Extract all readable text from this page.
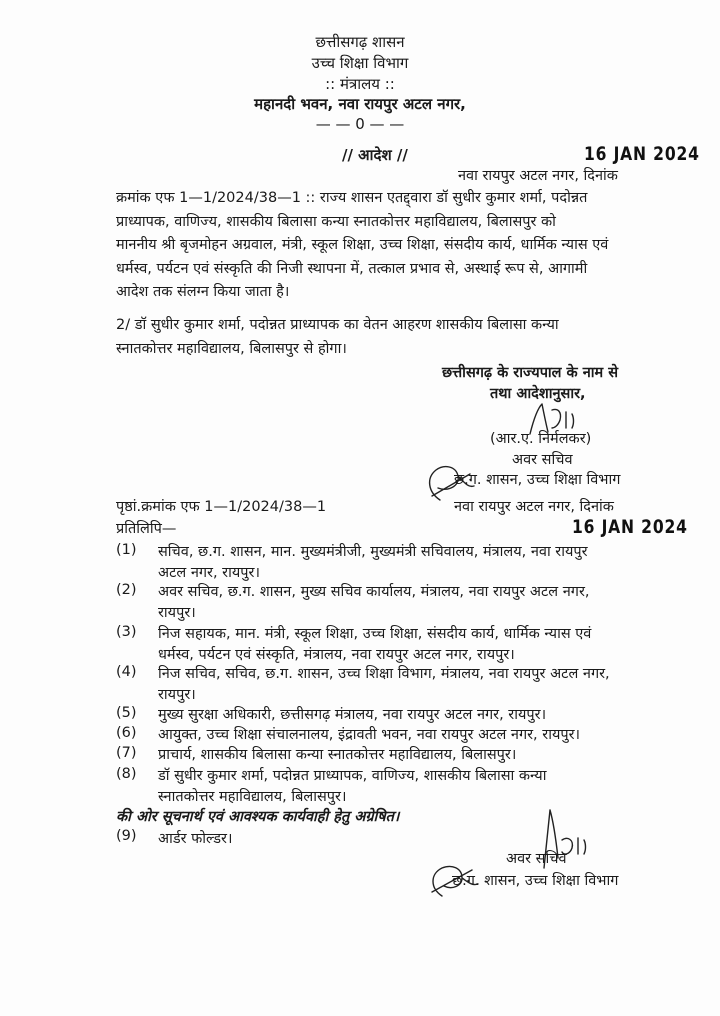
छत्तीसगढ़ शासन
उच्च शिक्षा विभाग
:: मंत्रालय ::
महानदी भवन, नवा रायपुर अटल नगर,
— — 0 — —
// आदेश //	16 JAN 2024
नवा रायपुर अटल नगर, दिनांक
क्रमांक एफ 1—1/2024/38—1 :: राज्य शासन एतद्द्वारा डॉ सुधीर कुमार शर्मा, पदोन्नत
प्राध्यापक, वाणिज्य, शासकीय बिलासा कन्या स्नातकोत्तर महाविद्यालय, बिलासपुर को
माननीय श्री बृजमोहन अग्रवाल, मंत्री, स्कूल शिक्षा, उच्च शिक्षा, संसदीय कार्य, धार्मिक न्यास एवं
धर्मस्व, पर्यटन एवं संस्कृति की निजी स्थापना में, तत्काल प्रभाव से, अस्थाई रूप से, आगामी
आदेश तक संलग्न किया जाता है।
2/ डॉ सुधीर कुमार शर्मा, पदोन्नत प्राध्यापक का वेतन आहरण शासकीय बिलासा कन्या
स्नातकोत्तर महाविद्यालय, बिलासपुर से होगा।
छत्तीसगढ़ के राज्यपाल के नाम से
तथा आदेशानुसार,
(आर.ए. निर्मलकर)
अवर सचिव
छ.ग. शासन, उच्च शिक्षा विभाग
पृष्ठां.क्रमांक एफ 1—1/2024/38—1	नवा रायपुर अटल नगर, दिनांक
प्रतिलिपि—	16 JAN 2024
(1)	सचिव, छ.ग. शासन, मान. मुख्यमंत्रीजी, मुख्यमंत्री सचिवालय, मंत्रालय, नवा रायपुर
अटल नगर, रायपुर।
(2)	अवर सचिव, छ.ग. शासन, मुख्य सचिव कार्यालय, मंत्रालय, नवा रायपुर अटल नगर,
रायपुर।
(3)	निज सहायक, मान. मंत्री, स्कूल शिक्षा, उच्च शिक्षा, संसदीय कार्य, धार्मिक न्यास एवं
धर्मस्व, पर्यटन एवं संस्कृति, मंत्रालय, नवा रायपुर अटल नगर, रायपुर।
(4)	निज सचिव, सचिव, छ.ग. शासन, उच्च शिक्षा विभाग, मंत्रालय, नवा रायपुर अटल नगर,
रायपुर।
(5)	मुख्य सुरक्षा अधिकारी, छत्तीसगढ़ मंत्रालय, नवा रायपुर अटल नगर, रायपुर।
(6)	आयुक्त, उच्च शिक्षा संचालनालय, इंद्रावती भवन, नवा रायपुर अटल नगर, रायपुर।
(7)	प्राचार्य, शासकीय बिलासा कन्या स्नातकोत्तर महाविद्यालय, बिलासपुर।
(8)	डॉ सुधीर कुमार शर्मा, पदोन्नत प्राध्यापक, वाणिज्य, शासकीय बिलासा कन्या
स्नातकोत्तर महाविद्यालय, बिलासपुर।
की ओर सूचनार्थ एवं आवश्यक कार्यवाही हेतु अग्रेषित।
(9) आर्डर फोल्डर।
अवर सचिव
छ.ग. शासन, उच्च शिक्षा विभाग
